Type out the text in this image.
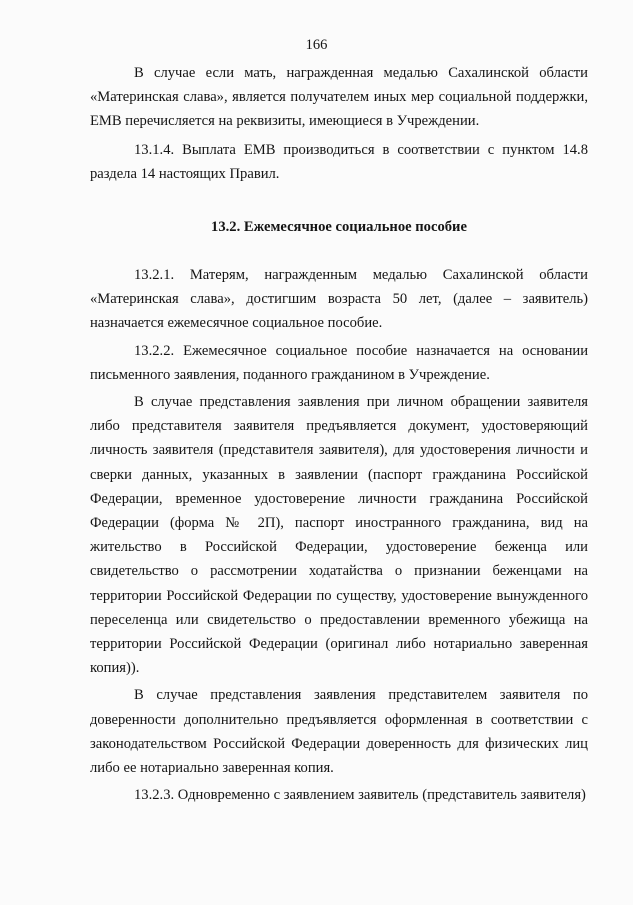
166

В случае если мать, награжденная медалью Сахалинской области «Материнская слава», является получателем иных мер социальной поддержки, ЕМВ перечисляется на реквизиты, имеющиеся в Учреждении.

13.1.4. Выплата ЕМВ производиться в соответствии с пунктом 14.8 раздела 14 настоящих Правил.

13.2. Ежемесячное социальное пособие

13.2.1. Матерям, награжденным медалью Сахалинской области «Материнская слава», достигшим возраста 50 лет, (далее – заявитель) назначается ежемесячное социальное пособие.

13.2.2. Ежемесячное социальное пособие назначается на основании письменного заявления, поданного гражданином в Учреждение.

В случае представления заявления при личном обращении заявителя либо представителя заявителя предъявляется документ, удостоверяющий личность заявителя (представителя заявителя), для удостоверения личности и сверки данных, указанных в заявлении (паспорт гражданина Российской Федерации, временное удостоверение личности гражданина Российской Федерации (форма № 2П), паспорт иностранного гражданина, вид на жительство в Российской Федерации, удостоверение беженца или свидетельство о рассмотрении ходатайства о признании беженцами на территории Российской Федерации по существу, удостоверение вынужденного переселенца или свидетельство о предоставлении временного убежища на территории Российской Федерации (оригинал либо нотариально заверенная копия)).

В случае представления заявления представителем заявителя по доверенности дополнительно предъявляется оформленная в соответствии с законодательством Российской Федерации доверенность для физических лиц либо ее нотариально заверенная копия.

13.2.3. Одновременно с заявлением заявитель (представитель заявителя)
